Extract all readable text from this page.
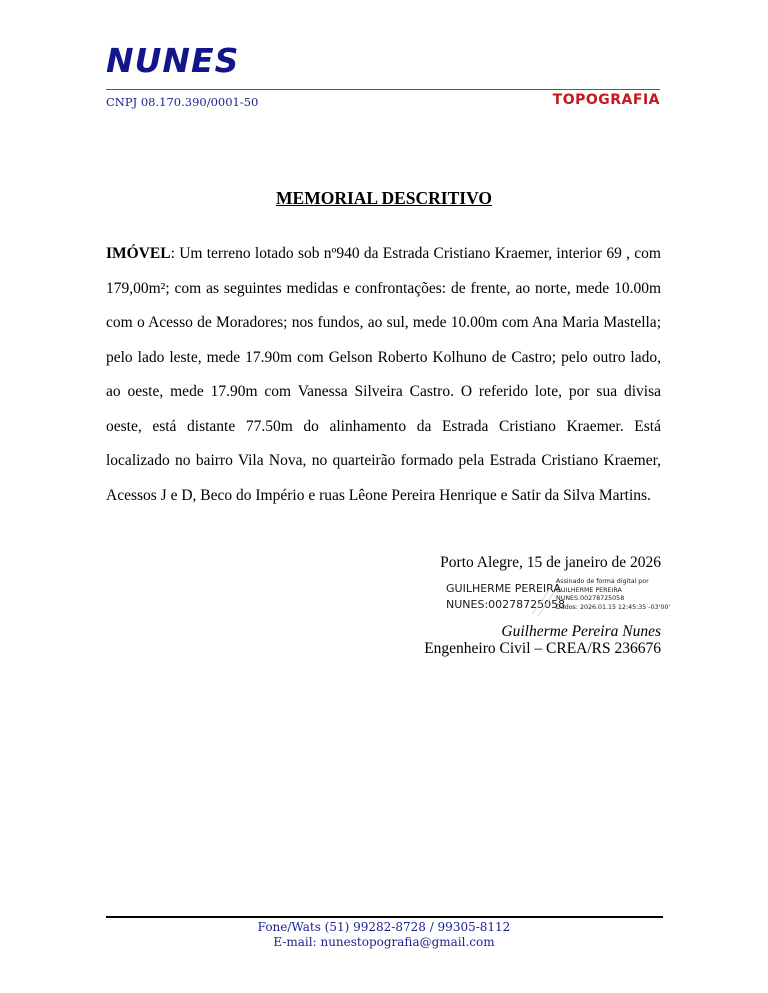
NUNES
CNPJ 08.170.390/0001-50	TOPOGRAFIA
MEMORIAL DESCRITIVO

IMÓVEL: Um terreno lotado sob nº940 da Estrada Cristiano Kraemer, interior 69 , com 179,00m²; com as seguintes medidas e confrontações: de frente, ao norte, mede 10.00m com o Acesso de Moradores; nos fundos, ao sul, mede 10.00m com Ana Maria Mastella; pelo lado leste, mede 17.90m com Gelson Roberto Kolhuno de Castro; pelo outro lado, ao oeste, mede 17.90m com Vanessa Silveira Castro. O referido lote, por sua divisa oeste, está distante 77.50m do alinhamento da Estrada Cristiano Kraemer. Está localizado no bairro Vila Nova, no quarteirão formado pela Estrada Cristiano Kraemer, Acessos J e D, Beco do Império e ruas Lêone Pereira Henrique e Satir da Silva Martins.

Porto Alegre, 15 de janeiro de 2026
GUILHERME PEREIRA
NUNES:00278725058
Assinado de forma digital por
GUILHERME PEREIRA
NUNES:00278725058
Dados: 2026.01.15 12:45:35 -03'00'
Guilherme Pereira Nunes
Engenheiro Civil – CREA/RS 236676
Fone/Wats (51) 99282-8728 / 99305-8112
E-mail: nunestopografia@gmail.com
